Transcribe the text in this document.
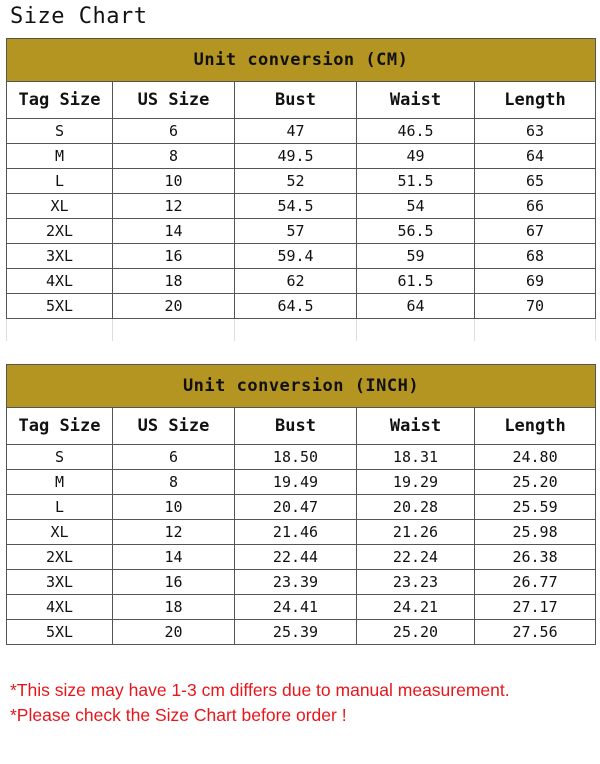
Size Chart
Unit conversion (CM)				
Tag Size	US Size	Bust	Waist	Length
S	6	47	46.5	63
M	8	49.5	49	64
L	10	52	51.5	65
XL	12	54.5	54	66
2XL	14	57	56.5	67
3XL	16	59.4	59	68
4XL	18	62	61.5	69
5XL	20	64.5	64	70

Unit conversion (INCH)				
Tag Size	US Size	Bust	Waist	Length
S	6	18.50	18.31	24.80
M	8	19.49	19.29	25.20
L	10	20.47	20.28	25.59
XL	12	21.46	21.26	25.98
2XL	14	22.44	22.24	26.38
3XL	16	23.39	23.23	26.77
4XL	18	24.41	24.21	27.17
5XL	20	25.39	25.20	27.56
*This size may have 1-3 cm differs due to manual measurement.
*Please check the Size Chart before order !
